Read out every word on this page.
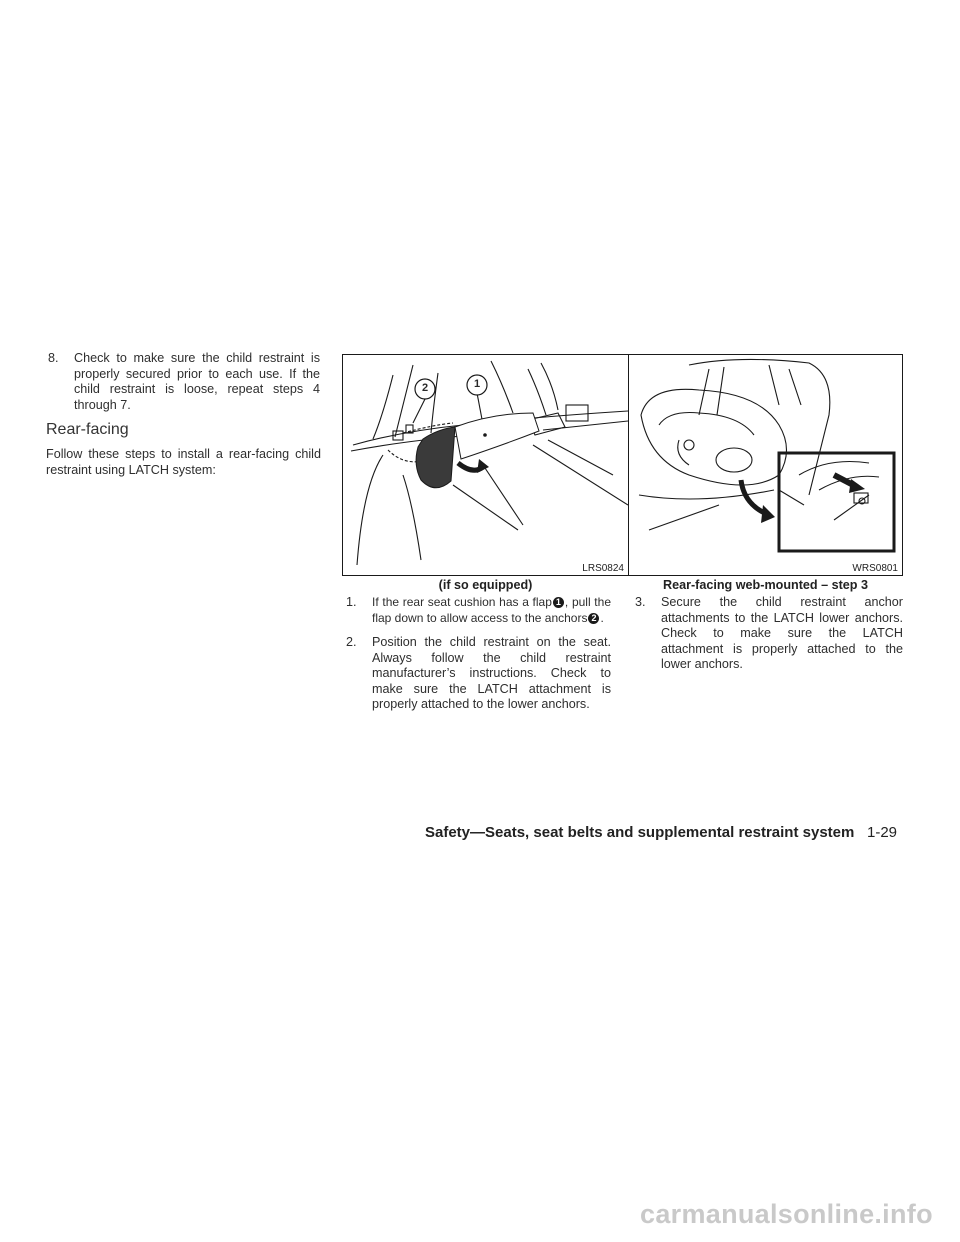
8.	Check to make sure the child restraint is properly secured prior to each use. If the child restraint is loose, repeat steps 4 through 7.
Rear-facing
Follow these steps to install a rear-facing child restraint using LATCH system:
2	1
LRS0824
(if so equipped)
WRS0801
Rear-facing web-mounted – step 3
1.	If the rear seat cushion has a flap 1 , pull the flap down to allow access to the anchors 2 .
2.	Position the child restraint on the seat. Always follow the child restraint manufacturer’s instructions. Check to make sure the LATCH attachment is properly attached to the lower anchors.
3.	Secure the child restraint anchor attachments to the LATCH lower anchors. Check to make sure the LATCH attachment is properly attached to the lower anchors.
Safety—Seats, seat belts and supplemental restraint system 1-29
carmanualsonline.info
